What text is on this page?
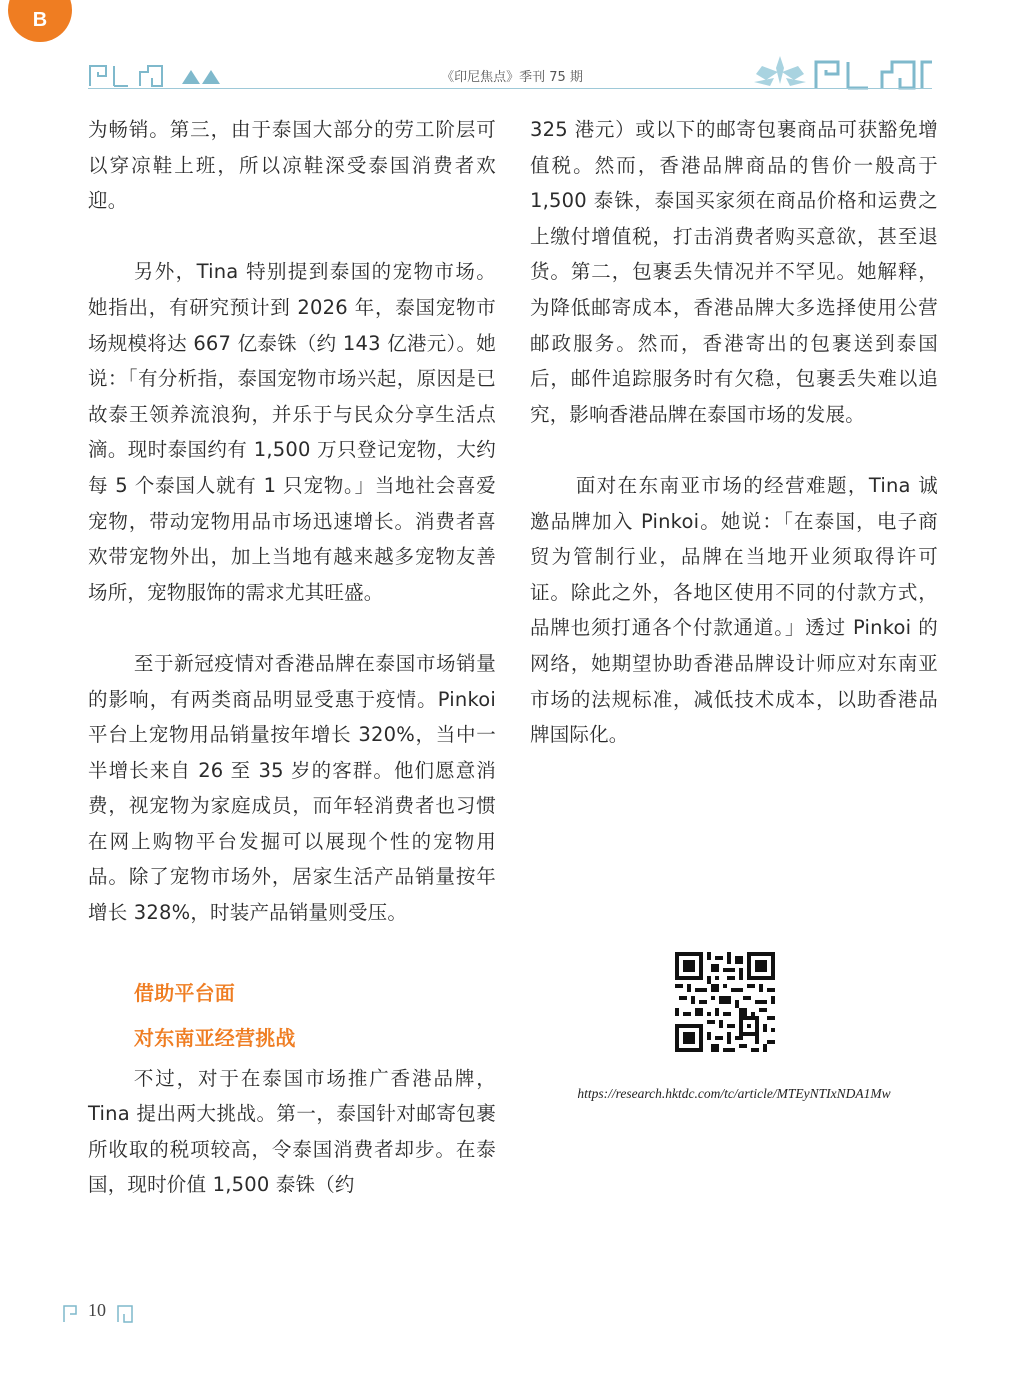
B
《印尼焦点》季刊 75 期

为畅销。第三，由于泰国大部分的劳工阶层可以穿凉鞋上班，所以凉鞋深受泰国消费者欢迎。

另外，Tina 特别提到泰国的宠物市场。她指出，有研究预计到 2026 年，泰国宠物市场规模将达 667 亿泰铢（约 143 亿港元）。她说：「有分析指，泰国宠物市场兴起，原因是已故泰王领养流浪狗，并乐于与民众分享生活点滴。现时泰国约有 1,500 万只登记宠物，大约每 5 个泰国人就有 1 只宠物。」当地社会喜爱宠物，带动宠物用品市场迅速增长。消费者喜欢带宠物外出，加上当地有越来越多宠物友善场所，宠物服饰的需求尤其旺盛。

至于新冠疫情对香港品牌在泰国市场销量的影响，有两类商品明显受惠于疫情。Pinkoi 平台上宠物用品销量按年增长 320%，当中一半增长来自 26 至 35 岁的客群。他们愿意消费，视宠物为家庭成员，而年轻消费者也习惯在网上购物平台发掘可以展现个性的宠物用品。除了宠物市场外，居家生活产品销量按年增长 328%，时装产品销量则受压。

借助平台面
对东南亚经营挑战

不过，对于在泰国市场推广香港品牌，Tina 提出两大挑战。第一，泰国针对邮寄包裹所收取的税项较高，令泰国消费者却步。在泰国，现时价值 1,500 泰铢（约

325 港元）或以下的邮寄包裹商品可获豁免增值税。然而，香港品牌商品的售价一般高于 1,500 泰铢，泰国买家须在商品价格和运费之上缴付增值税，打击消费者购买意欲，甚至退货。第二，包裹丢失情况并不罕见。她解释，为降低邮寄成本，香港品牌大多选择使用公营邮政服务。然而，香港寄出的包裹送到泰国后，邮件追踪服务时有欠稳，包裹丢失难以追究，影响香港品牌在泰国市场的发展。

面对在东南亚市场的经营难题，Tina 诚邀品牌加入 Pinkoi。她说：「在泰国，电子商贸为管制行业，品牌在当地开业须取得许可证。除此之外，各地区使用不同的付款方式，品牌也须打通各个付款通道。」透过 Pinkoi 的网络，她期望协助香港品牌设计师应对东南亚市场的法规标准，减低技术成本，以助香港品牌国际化。

https://research.hktdc.com/tc/article/MTEyNTIxNDA1Mw
10
